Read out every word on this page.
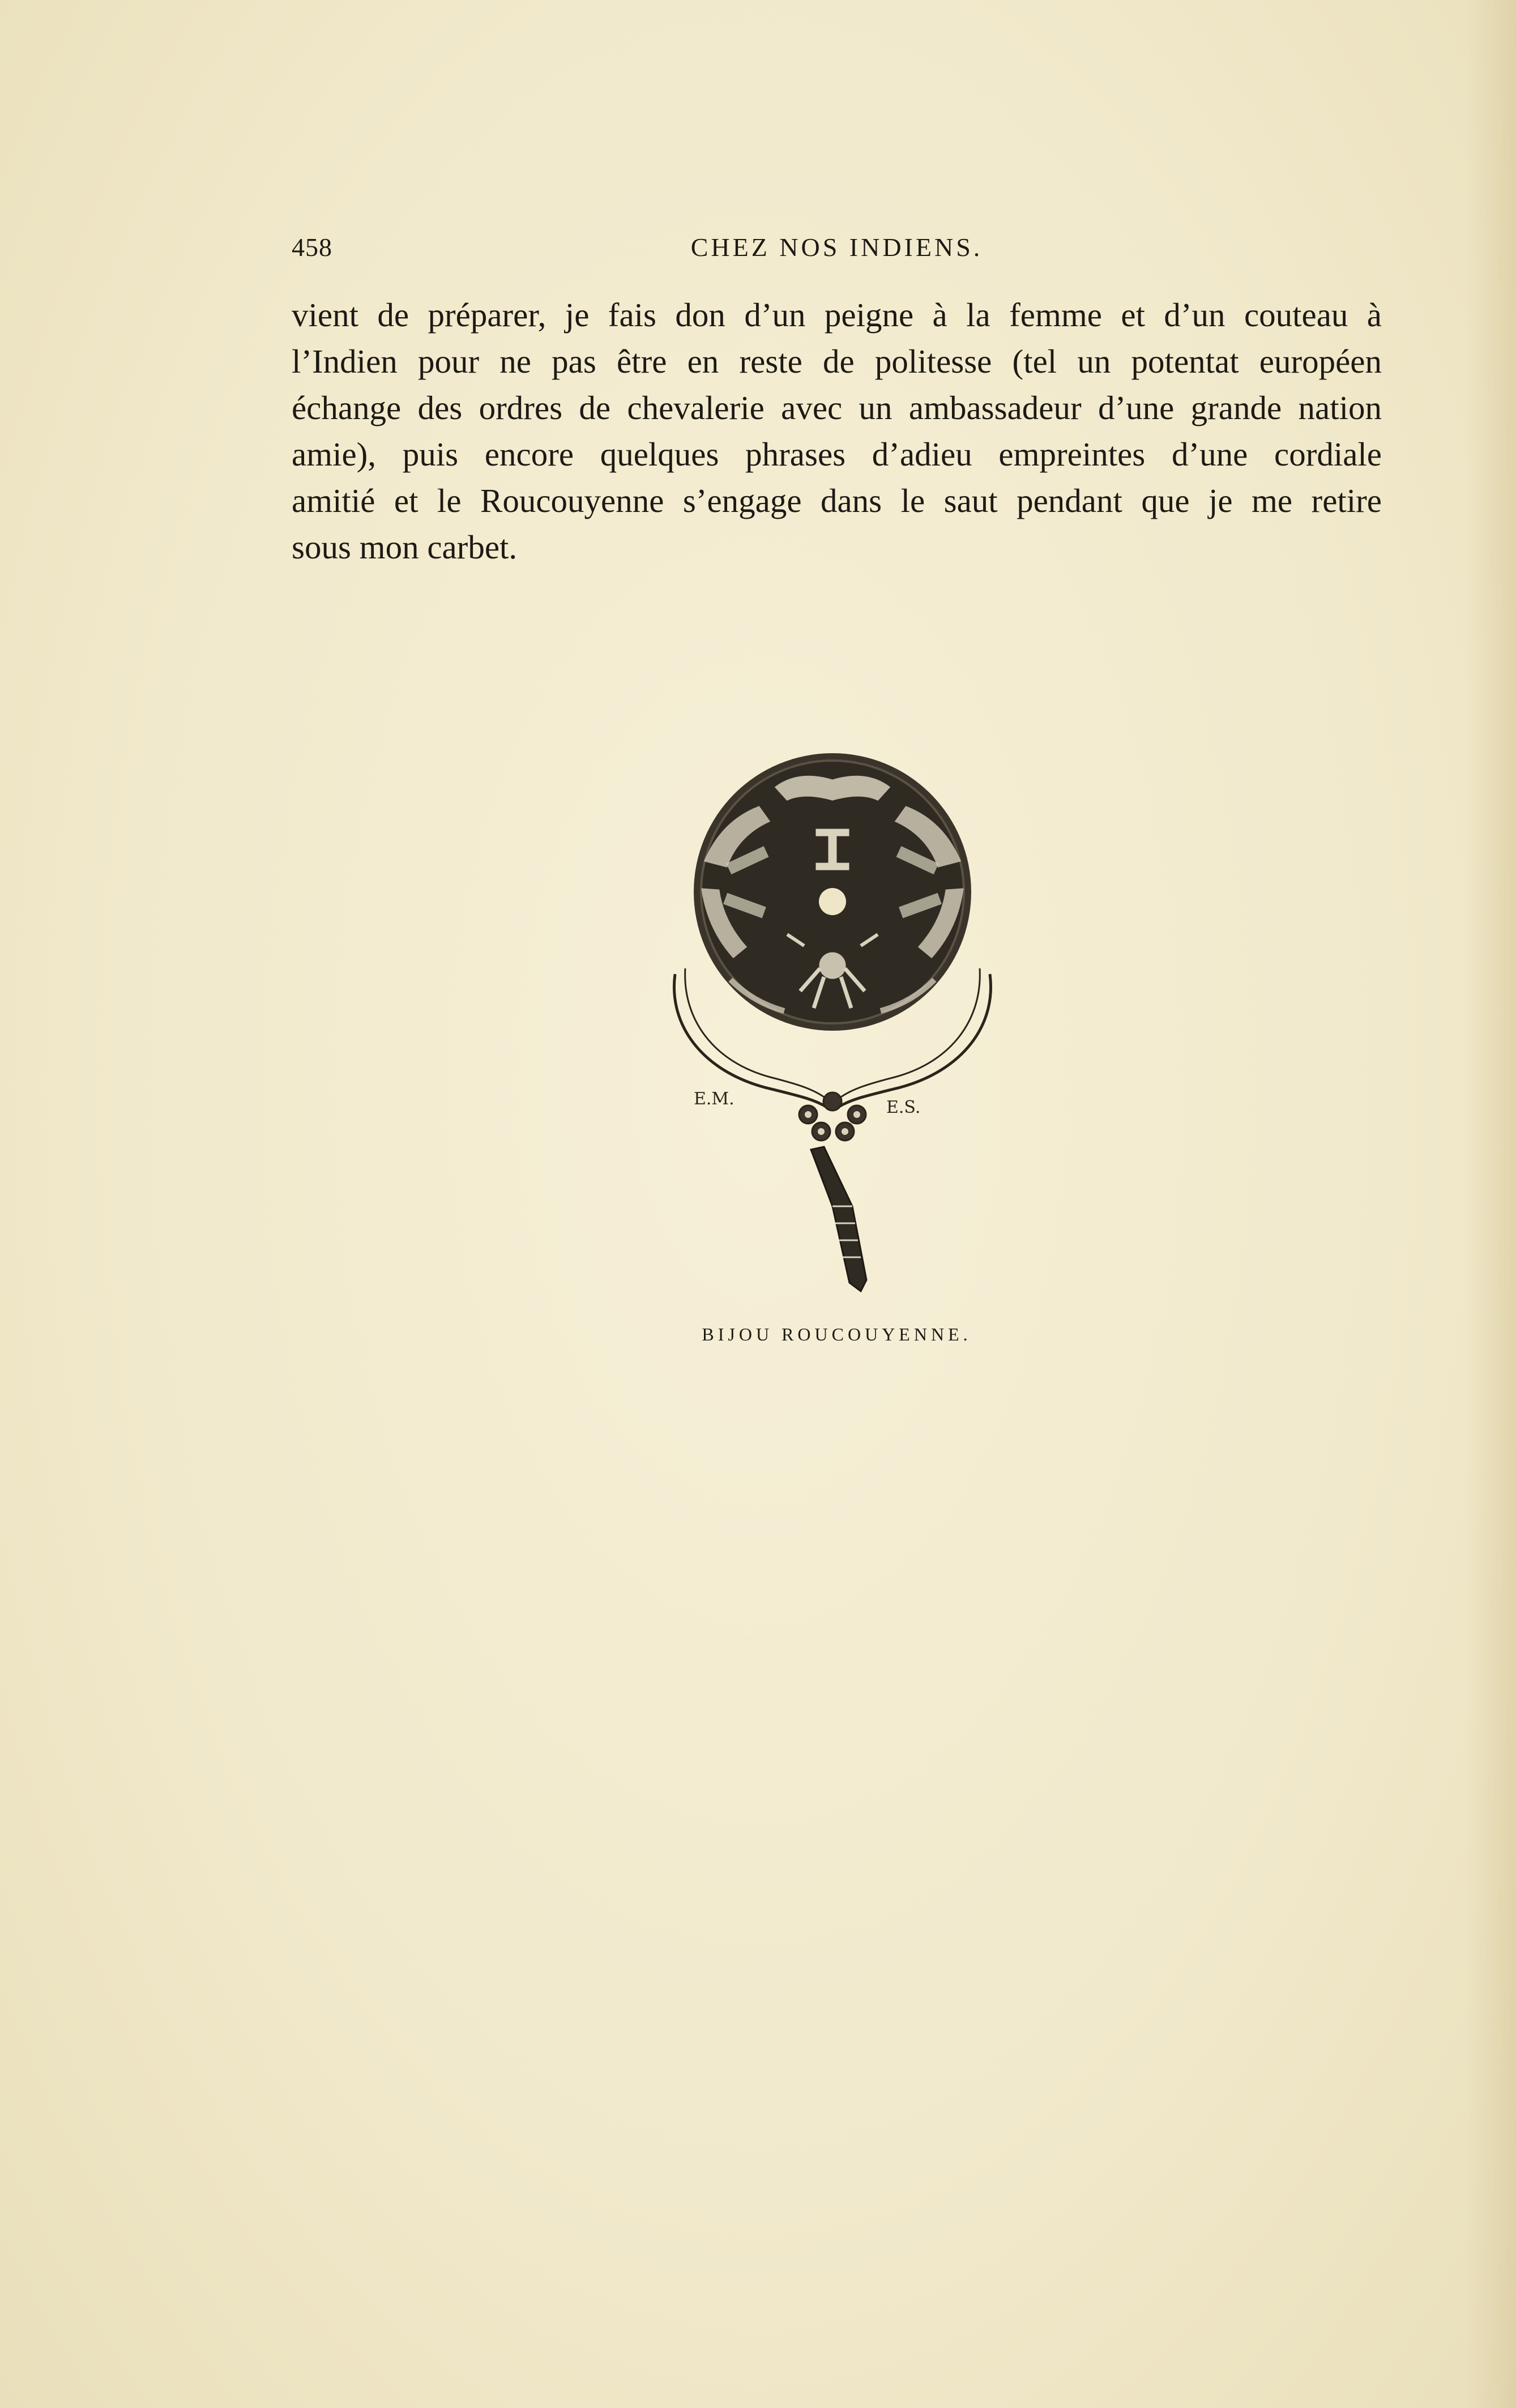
458	CHEZ NOS INDIENS.

vient de préparer, je fais don d’un peigne à la femme et d’un couteau à
l’Indien pour ne pas être en reste de politesse (tel un potentat européen
échange des ordres de chevalerie avec un ambassadeur d’une grande nation
amie), puis encore quelques phrases d’adieu empreintes d’une cordiale
amitié et le Roucouyenne s’engage dans le saut pendant que je me retire
sous mon carbet.

E.M.	E.S.
BIJOU ROUCOUYENNE.
